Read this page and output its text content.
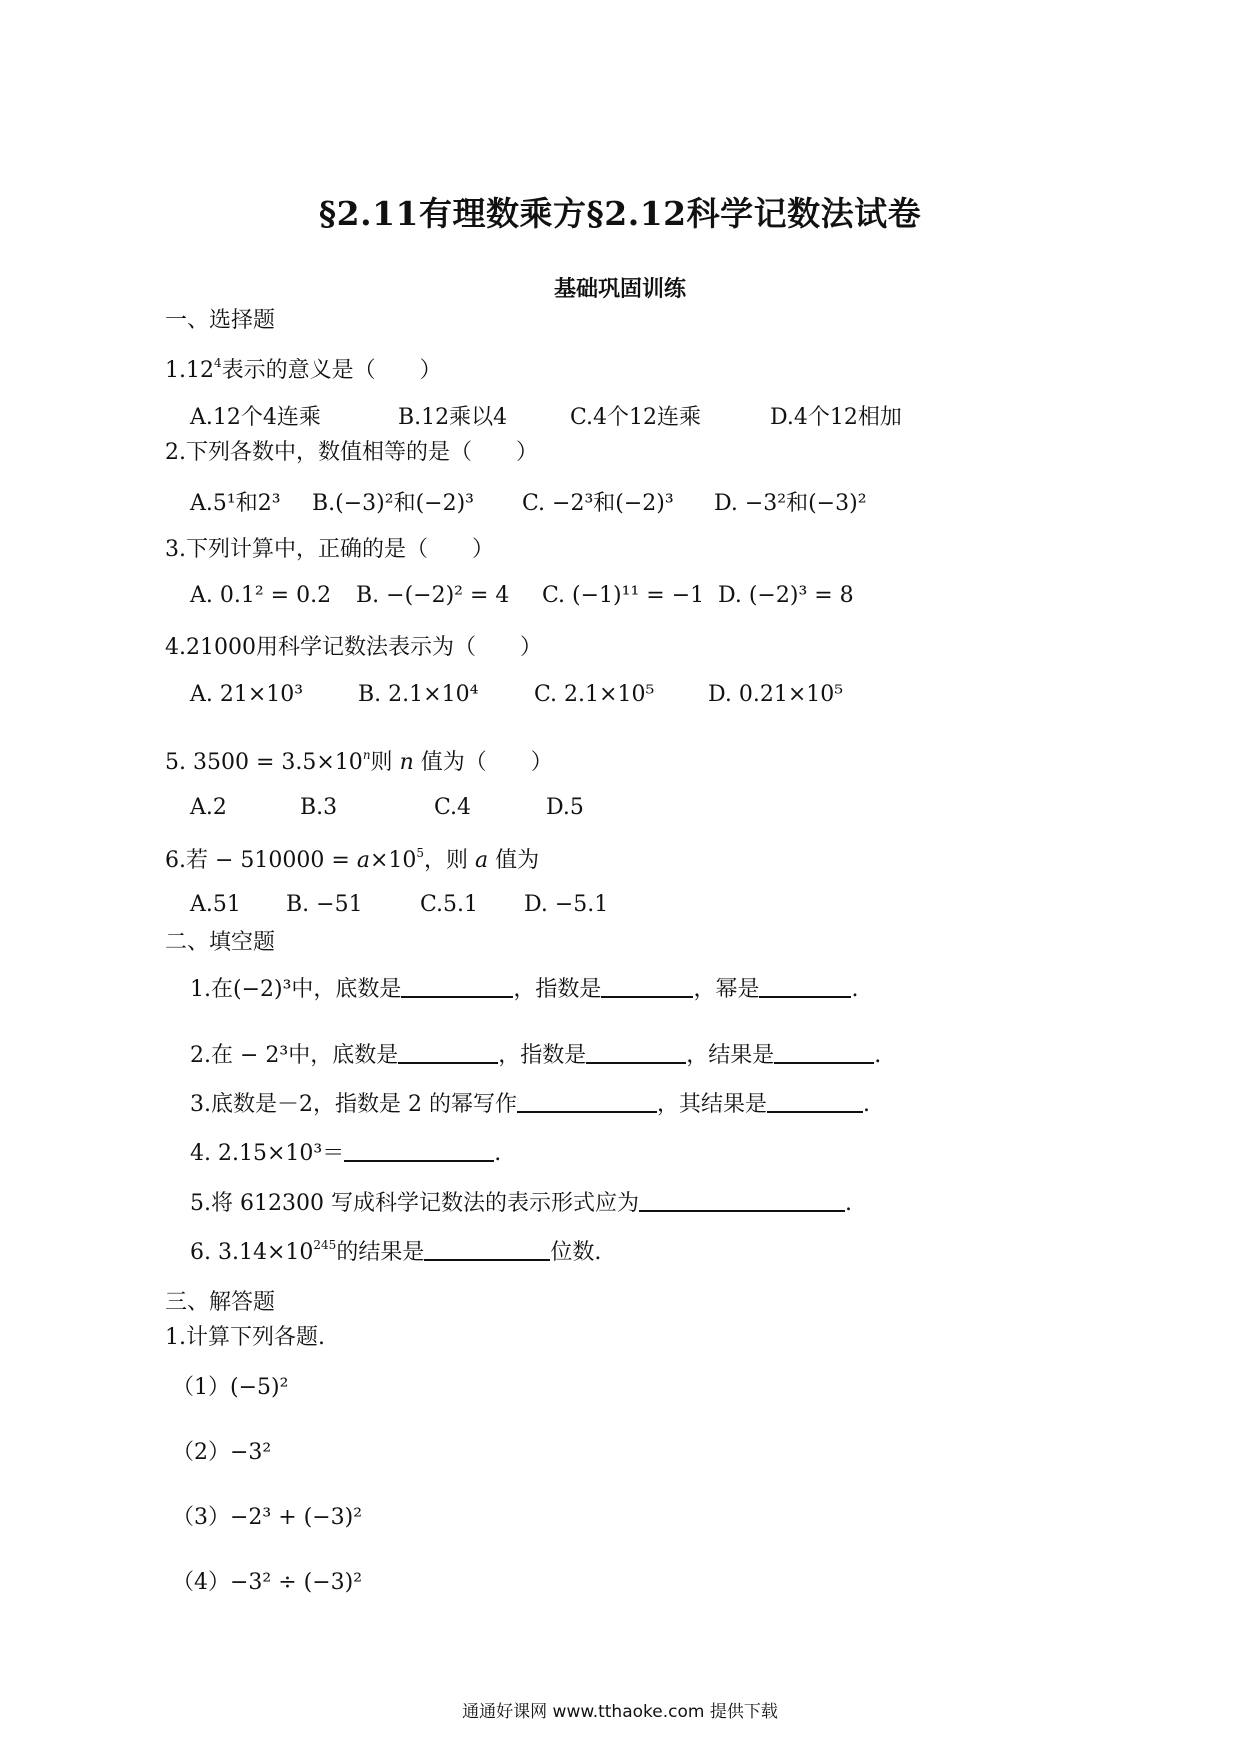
§2.11有理数乘方§2.12科学记数法试卷
基础巩固训练
一、选择题
1.12$^4$表示的意义是（　　）
A.12个4连乘	B.12乘以4	C.4个12连乘	D.4个12相加
2.下列各数中，数值相等的是（　　）
A.5¹和2³ B.(−3)²和(−2)³ C. −2³和(−2)³ D. −3²和(−3)²
3.下列计算中，正确的是（　　）
A. 0.1² = 0.2 B. −(−2)² = 4 C. (−1)¹¹ = −1 D. (−2)³ = 8
4.21000用科学记数法表示为（　　）
A. 21×10³ B. 2.1×10⁴	C. 2.1×10⁵ D. 0.21×10⁵
5. $3500 = 3.5\times 10^n$则 n 值为（　　）
A.2	B.3	C.4	D.5
6.若 − $510000 = a\times 10^5$，则 a 值为
A.51 B. −51	C.5.1 D. −5.1
二、填空题
1.在(−2)³中，底数是	，指数是	，幂是	.
2.在 − 2³中，底数是	，指数是	，结果是	.
3.底数是－2，指数是 2 的幂写作	，其结果是	.
4. 2.15×10³＝	.
5.将 612300 写成科学记数法的表示形式应为	.
6. $3.14\times 10^{245}$的结果是	位数.
三、解答题
1.计算下列各题.
（1）(−5)²
（2）−3²
（3）−2³ + (−3)²
（4）−3² ÷ (−3)²
通通好课网 www.tthaoke.com 提供下载
